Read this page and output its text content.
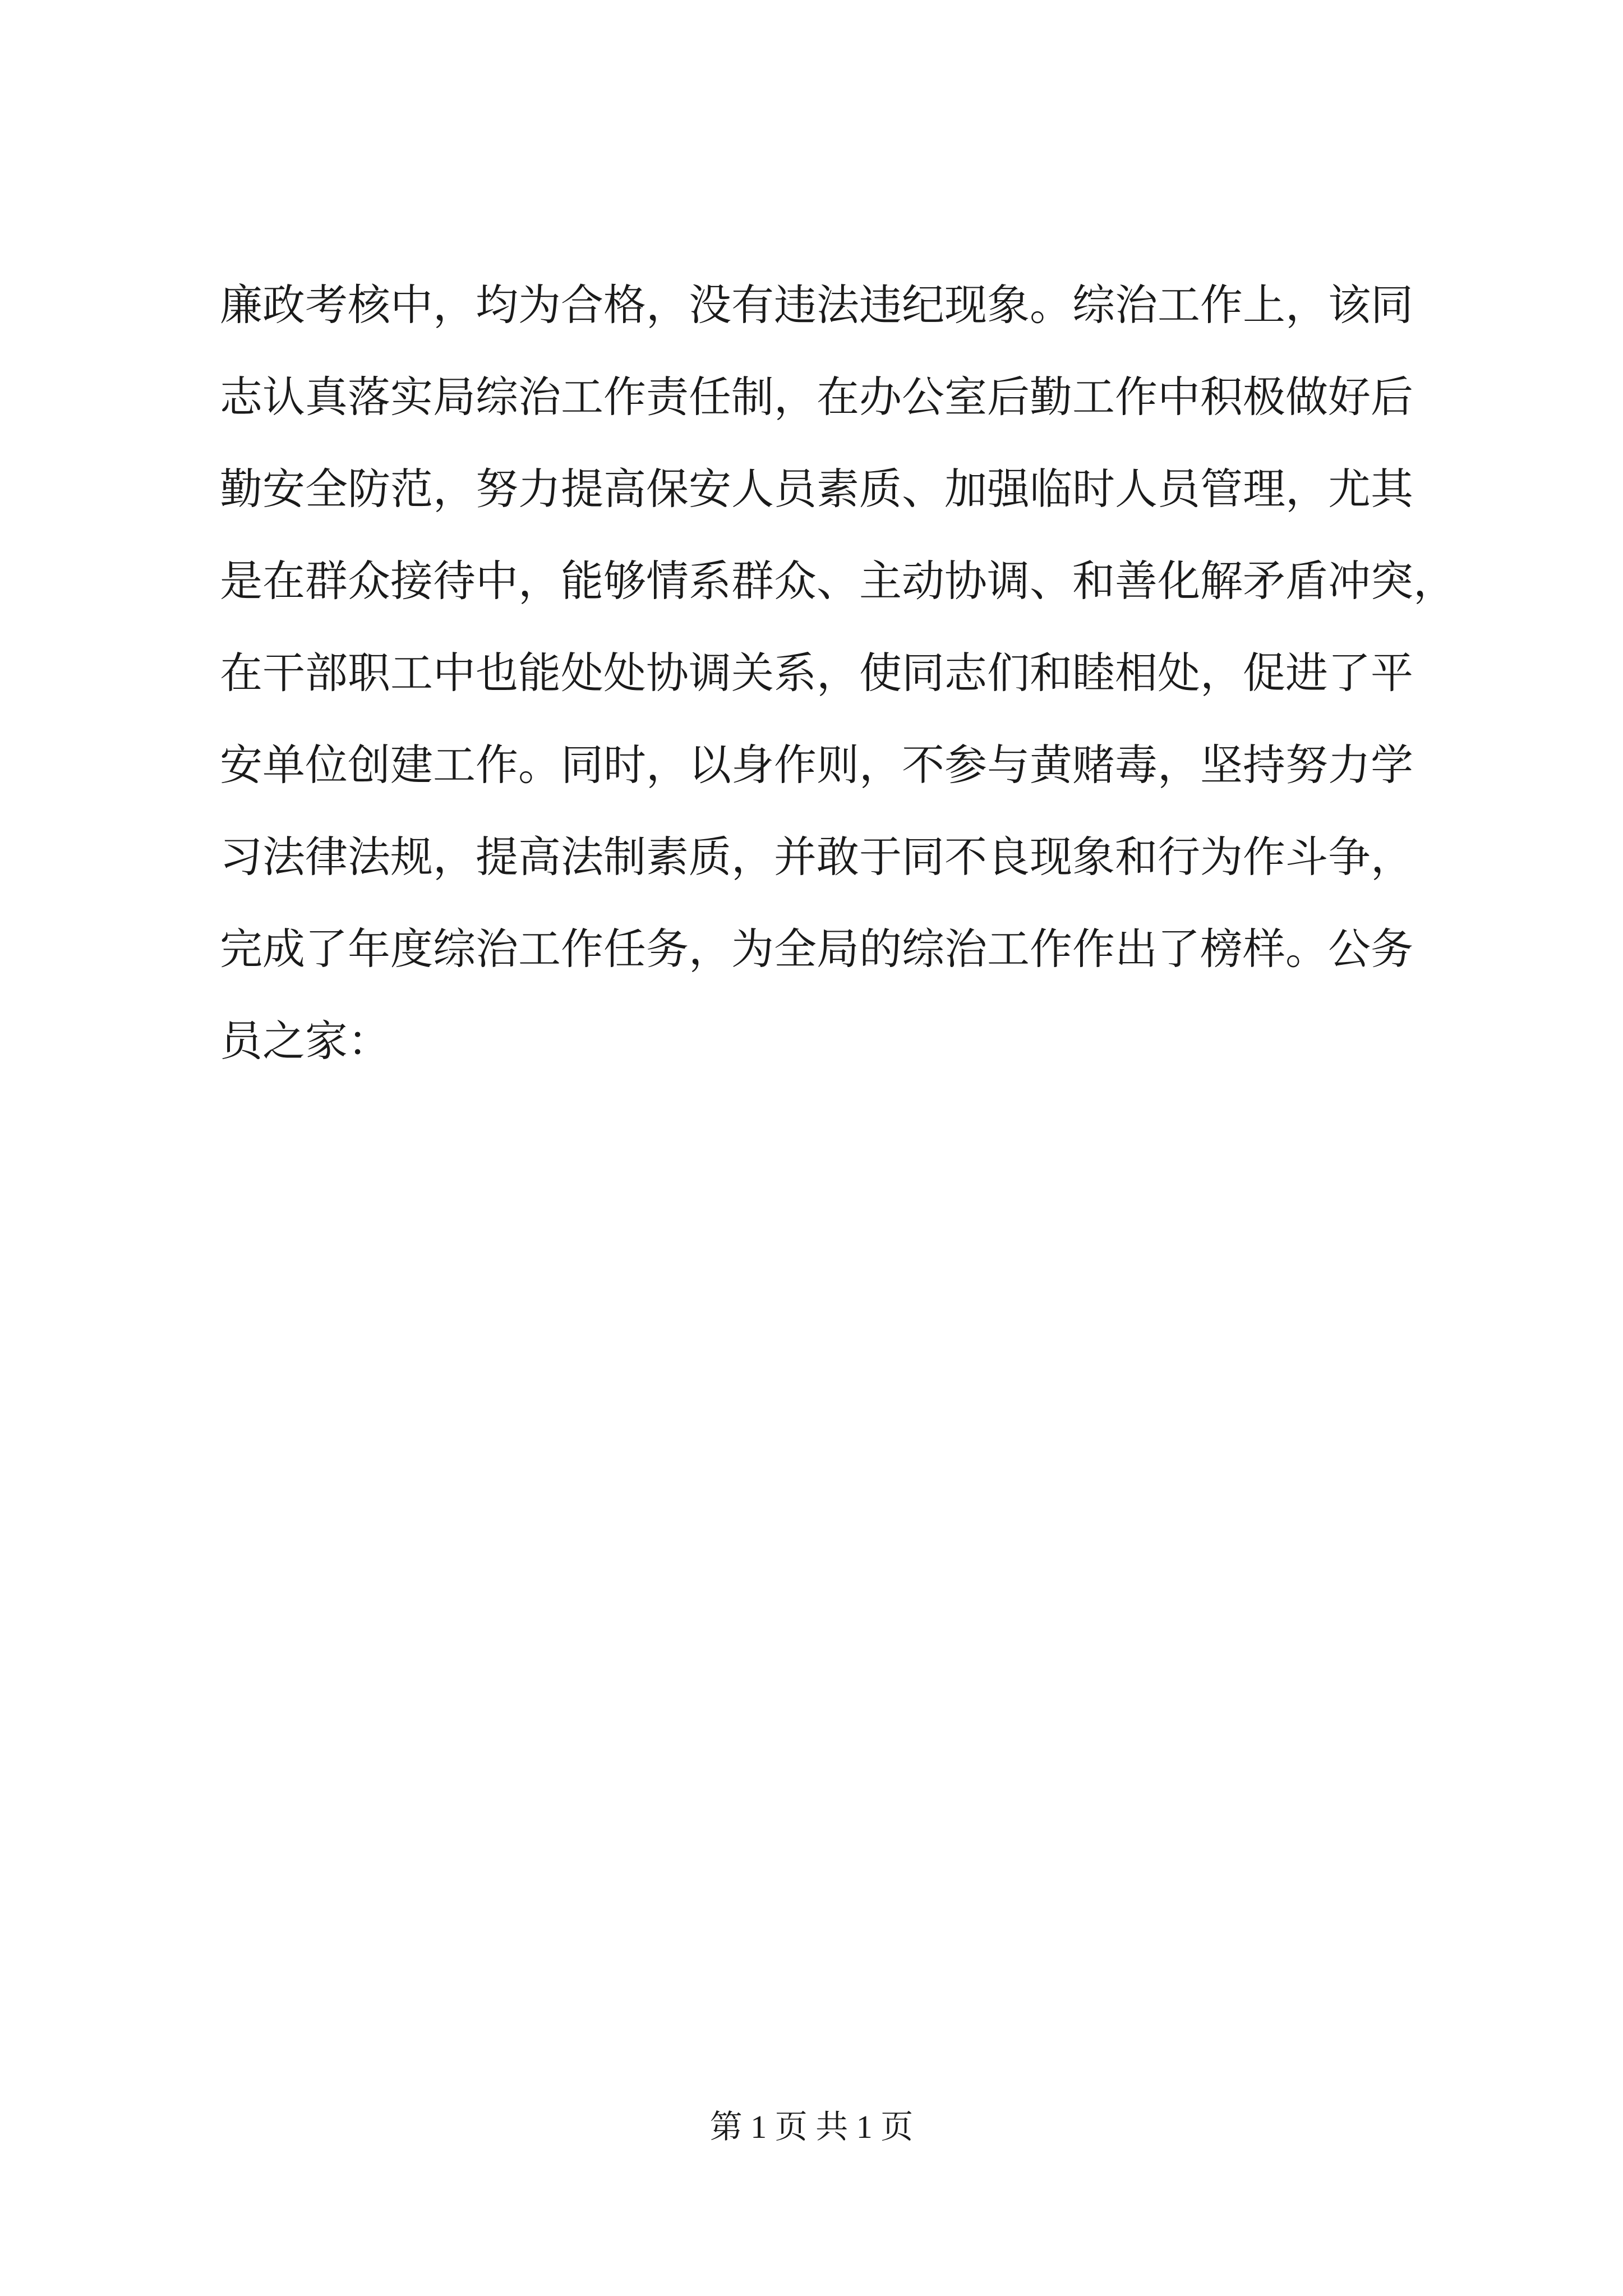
廉政考核中，均为合格，没有违法违纪现象。综治工作上，该同
志认真落实局综治工作责任制，在办公室后勤工作中积极做好后
勤安全防范，努力提高保安人员素质、加强临时人员管理，尤其
是在群众接待中，能够情系群众、主动协调、和善化解矛盾冲突，
在干部职工中也能处处协调关系，使同志们和睦相处，促进了平
安单位创建工作。同时，以身作则，不参与黄赌毒，坚持努力学
习法律法规，提高法制素质，并敢于同不良现象和行为作斗争，
完成了年度综治工作任务，为全局的综治工作作出了榜样。公务
员之家：
第 1 页 共 1 页
